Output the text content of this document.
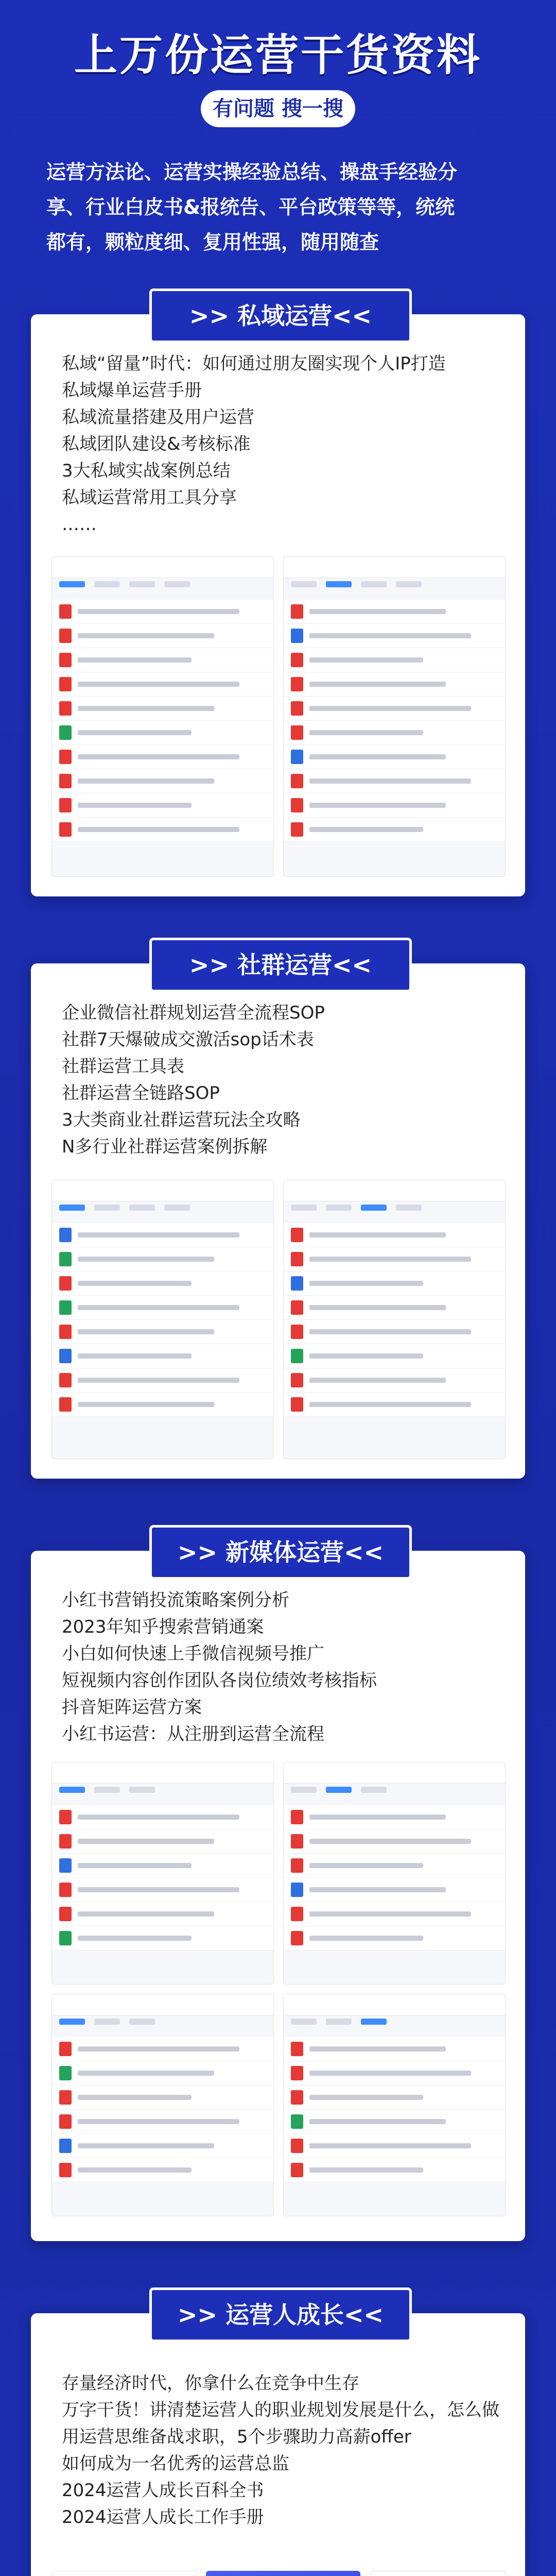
上万份运营干货资料
有问题 搜一搜
运营方法论、运营实操经验总结、操盘手经验分
享、行业白皮书&报统告、平台政策等等，统统
都有，颗粒度细、复用性强，随用随查
>> 私域运营<<
私域“留量”时代：如何通过朋友圈实现个人IP打造
私域爆单运营手册
私域流量搭建及用户运营
私域团队建设&考核标准
3大私域实战案例总结
私域运营常用工具分享
……
>> 社群运营<<
企业微信社群规划运营全流程SOP
社群7天爆破成交激活sop话术表
社群运营工具表
社群运营全链路SOP
3大类商业社群运营玩法全攻略
N多行业社群运营案例拆解
>> 新媒体运营<<
小红书营销投流策略案例分析
2023年知乎搜索营销通案
小白如何快速上手微信视频号推广
短视频内容创作团队各岗位绩效考核指标
抖音矩阵运营方案
小红书运营：从注册到运营全流程
>> 运营人成长<<
存量经济时代，你拿什么在竞争中生存
万字干货！讲清楚运营人的职业规划发展是什么，怎么做
用运营思维备战求职，5个步骤助力高薪offer
如何成为一名优秀的运营总监
2024运营人成长百科全书
2024运营人成长工作手册
